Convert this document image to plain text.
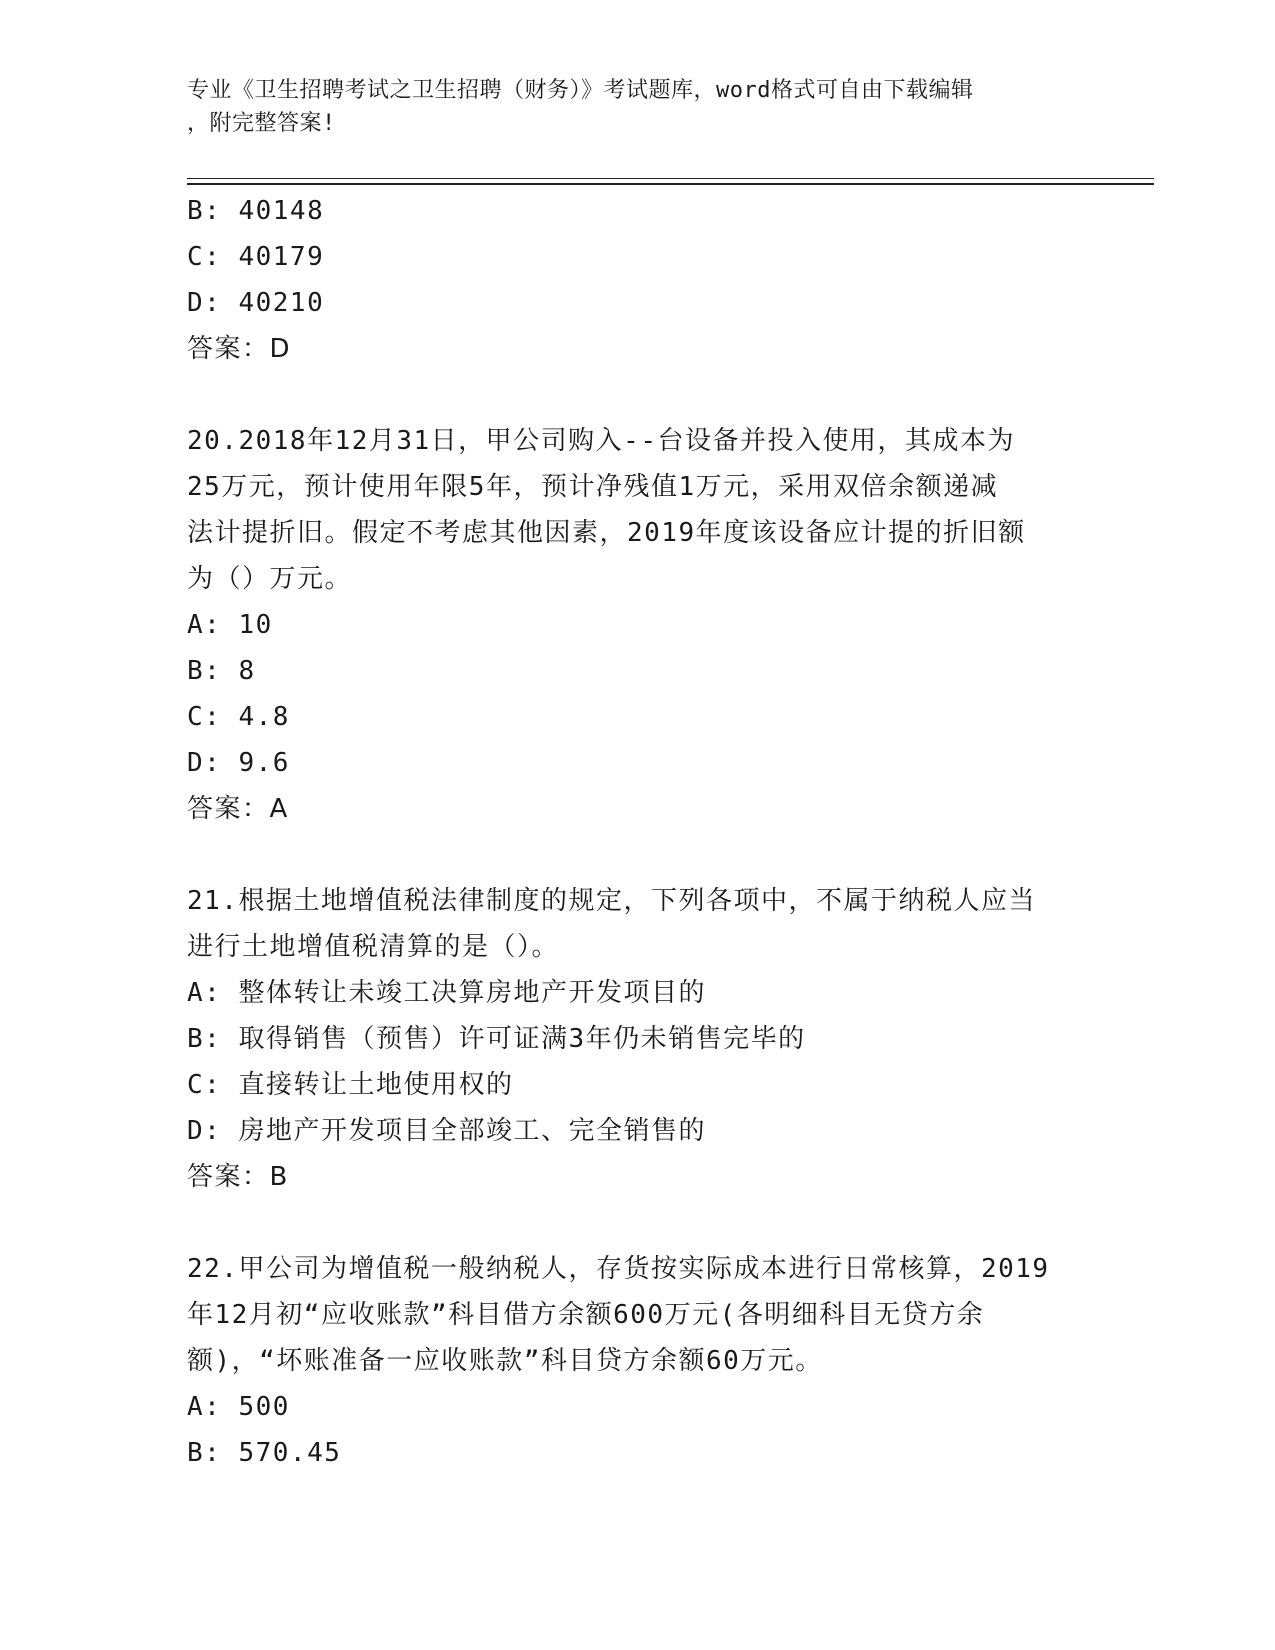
专业《卫生招聘考试之卫生招聘（财务）》考试题库，word格式可自由下载编辑
，附完整答案!
B: 40148
C: 40179
D: 40210
答案：D
20.2018年12月31日，甲公司购入--台设备并投入使用，其成本为
25万元，预计使用年限5年，预计净残值1万元，采用双倍余额递减
法计提折旧。假定不考虑其他因素，2019年度该设备应计提的折旧额
为（）万元。
A: 10
B: 8
C: 4.8
D: 9.6
答案：A
21.根据土地增值税法律制度的规定，下列各项中，不属于纳税人应当
进行土地增值税清算的是（）。
A: 整体转让未竣工决算房地产开发项目的
B: 取得销售（预售）许可证满3年仍未销售完毕的
C: 直接转让土地使用权的
D: 房地产开发项目全部竣工、完全销售的
答案：B
22.甲公司为增值税一般纳税人，存货按实际成本进行日常核算，2019
年12月初“应收账款”科目借方余额600万元(各明细科目无贷方余
额)，“坏账准备一应收账款”科目贷方余额60万元。
A: 500
B: 570.45
